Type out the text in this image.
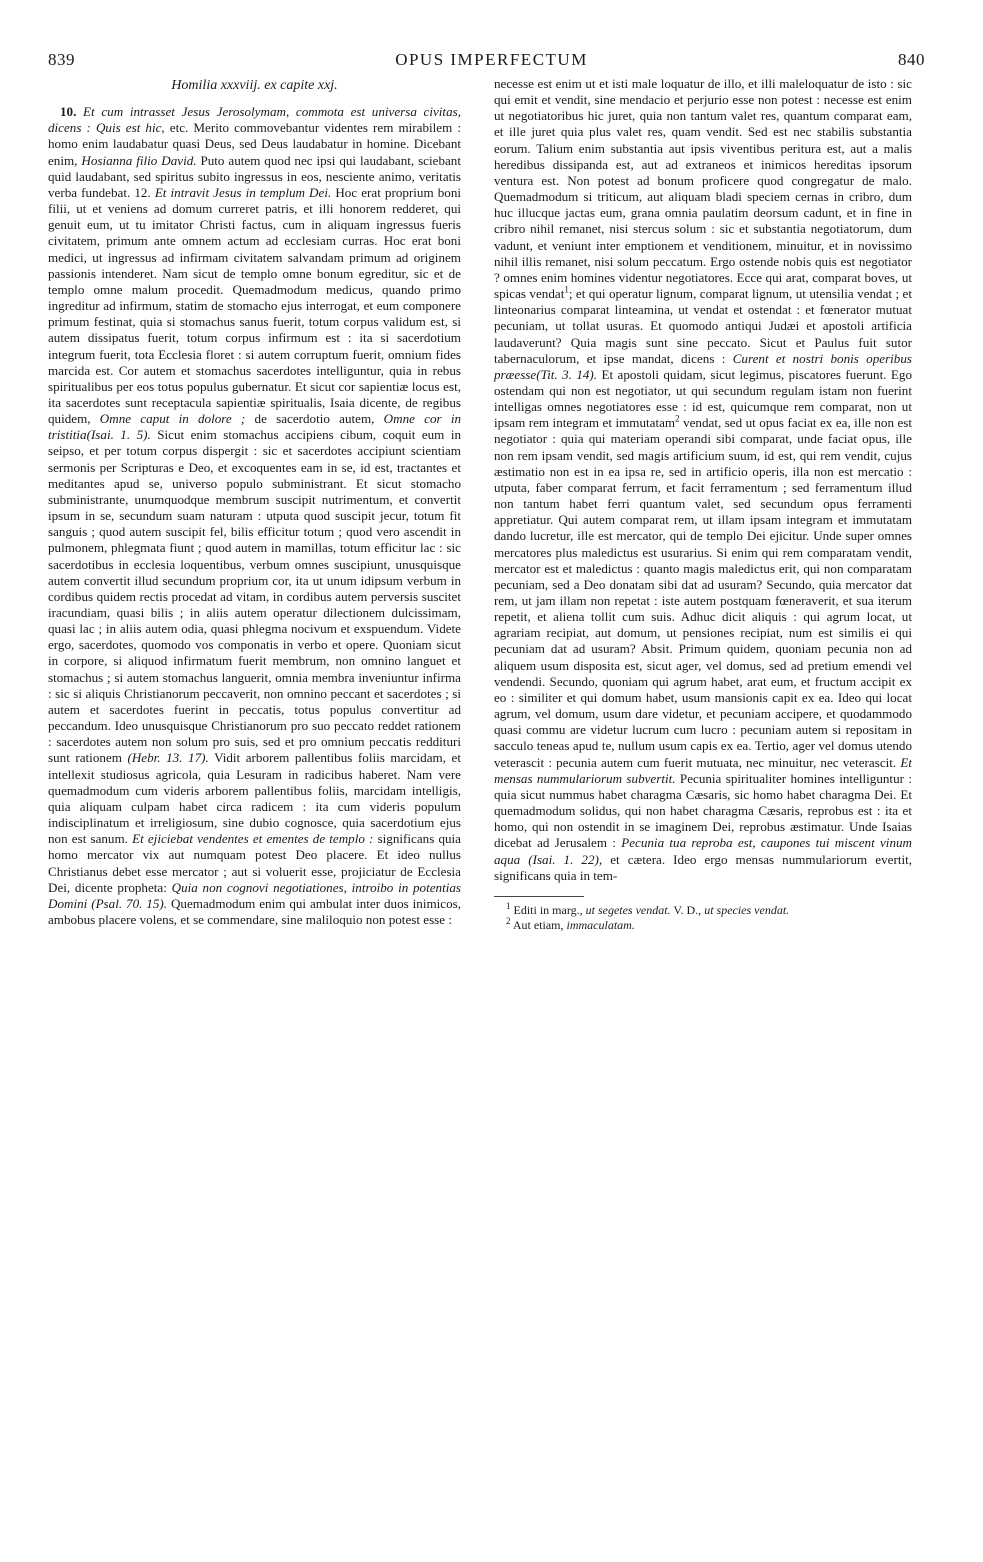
839	OPUS IMPERFECTUM	840
Homilia xxxviij. ex capite xxj.

10. Et cum intrasset Jesus Jerosolymam, commota est universa civitas, dicens : Quis est hic, etc. Merito commovebantur videntes rem mirabilem : homo enim laudabatur quasi Deus, sed Deus laudabatur in homine. Dicebant enim, Hosianna filio David. Puto autem quod nec ipsi qui laudabant, sciebant quid laudabant, sed spiritus subito ingressus in eos, nesciente animo, veritatis verba fundebat. 12. Et intravit Jesus in templum Dei. Hoc erat proprium boni filii, ut et veniens ad domum curreret patris, et illi honorem redderet, qui genuit eum, ut tu imitator Christi factus, cum in aliquam ingressus fueris civitatem, primum ante omnem actum ad ecclesiam curras. Hoc erat boni medici, ut ingressus ad infirmam civitatem salvandam primum ad originem passionis intenderet. Nam sicut de templo omne bonum egreditur, sic et de templo omne malum procedit. Quemadmodum medicus, quando primo ingreditur ad infirmum, statim de stomacho ejus interrogat, et eum componere primum festinat, quia si stomachus sanus fuerit, totum corpus validum est, si autem dissipatus fuerit, totum corpus infirmum est : ita si sacerdotium integrum fuerit, tota Ecclesia floret : si autem corruptum fuerit, omnium fides marcida est. Cor autem et stomachus sacerdotes intelliguntur, quia in rebus spiritualibus per eos totus populus gubernatur. Et sicut cor sapientiæ locus est, ita sacerdotes sunt receptacula sapientiæ spiritualis, Isaia dicente, de regibus quidem, Omne caput in dolore ; de sacerdotio autem, Omne cor in tristitia(Isai. 1. 5). Sicut enim stomachus accipiens cibum, coquit eum in seipso, et per totum corpus dispergit : sic et sacerdotes accipiunt scientiam sermonis per Scripturas e Deo, et excoquentes eam in se, id est, tractantes et meditantes apud se, universo populo subministrant. Et sicut stomacho subministrante, unumquodque membrum suscipit nutrimentum, et convertit ipsum in se, secundum suam naturam : utputa quod suscipit jecur, totum fit sanguis ; quod autem suscipit fel, bilis efficitur totum ; quod vero ascendit in pulmonem, phlegmata fiunt ; quod autem in mamillas, totum efficitur lac : sic sacerdotibus in ecclesia loquentibus, verbum omnes suscipiunt, unusquisque autem convertit illud secundum proprium cor, ita ut unum idipsum verbum in cordibus quidem rectis procedat ad vitam, in cordibus autem perversis suscitet iracundiam, quasi bilis ; in aliis autem operatur dilectionem dulcissimam, quasi lac ; in aliis autem odia, quasi phlegma nocivum et exspuendum. Videte ergo, sacerdotes, quomodo vos componatis in verbo et opere. Quoniam sicut in corpore, si aliquod infirmatum fuerit membrum, non omnino languet et stomachus ; si autem stomachus languerit, omnia membra inveniuntur infirma : sic si aliquis Christianorum peccaverit, non omnino peccant et sacerdotes ; si autem et sacerdotes fuerint in peccatis, totus populus convertitur ad peccandum. Ideo unusquisque Christianorum pro suo peccato reddet rationem : sacerdotes autem non solum pro suis, sed et pro omnium peccatis reddituri sunt rationem (Hebr. 13. 17). Vidit arborem pallentibus foliis marcidam, et intellexit studiosus agricola, quia Lesuram in radicibus haberet. Nam vere quemadmodum cum videris arborem pallentibus foliis, marcidam intelligis, quia aliquam culpam habet circa radicem : ita cum videris populum indisciplinatum et irreligiosum, sine dubio cognosce, quia sacerdotium ejus non est sanum. Et ejiciebat vendentes et ementes de templo : significans quia homo mercator vix aut numquam potest Deo placere. Et ideo nullus Christianus debet esse mercator ; aut si voluerit esse, projiciatur de Ecclesia Dei, dicente propheta: Quia non cognovi negotiationes, introibo in potentias Domini (Psal. 70. 15). Quemadmodum enim qui ambulat inter duos inimicos, ambobus placere volens, et se commendare, sine maliloquio non potest esse :

necesse est enim ut et isti male loquatur de illo, et illi maleloquatur de isto : sic qui emit et vendit, sine mendacio et perjurio esse non potest : necesse est enim ut negotiatoribus hic juret, quia non tantum valet res, quantum comparat eam, et ille juret quia plus valet res, quam vendit. Sed est nec stabilis substantia eorum. Talium enim substantia aut ipsis viventibus peritura est, aut a malis heredibus dissipanda est, aut ad extraneos et inimicos hereditas ipsorum ventura est. Non potest ad bonum proficere quod congregatur de malo. Quemadmodum si triticum, aut aliquam bladi speciem cernas in cribro, dum huc illucque jactas eum, grana omnia paulatim deorsum cadunt, et in fine in cribro nihil remanet, nisi stercus solum : sic et substantia negotiatorum, dum vadunt, et veniunt inter emptionem et venditionem, minuitur, et in novissimo nihil illis remanet, nisi solum peccatum. Ergo ostende nobis quis est negotiator ? omnes enim homines videntur negotiatores. Ecce qui arat, comparat boves, ut spicas vendat$^1$; et qui operatur lignum, comparat lignum, ut utensilia vendat ; et linteonarius comparat linteamina, ut vendat et ostendat : et fœnerator mutuat pecuniam, ut tollat usuras. Et quomodo antiqui Judæi et apostoli artificia laudaverunt? Quia magis sunt sine peccato. Sicut et Paulus fuit sutor tabernaculorum, et ipse mandat, dicens : Curent et nostri bonis operibus præesse(Tit. 3. 14). Et apostoli quidam, sicut legimus, piscatores fuerunt. Ego ostendam qui non est negotiator, ut qui secundum regulam istam non fuerint intelligas omnes negotiatores esse : id est, quicumque rem comparat, non ut ipsam rem integram et immutatam$^2$ vendat, sed ut opus faciat ex ea, ille non est negotiator : quia qui materiam operandi sibi comparat, unde faciat opus, ille non rem ipsam vendit, sed magis artificium suum, id est, qui rem vendit, cujus æstimatio non est in ea ipsa re, sed in artificio operis, illa non est mercatio : utputa, faber comparat ferrum, et facit ferramentum ; sed ferramentum illud non tantum habet ferri quantum valet, sed secundum opus ferramenti appretiatur. Qui autem comparat rem, ut illam ipsam integram et immutatam dando lucretur, ille est mercator, qui de templo Dei ejicitur. Unde super omnes mercatores plus maledictus est usurarius. Si enim qui rem comparatam vendit, mercator est et maledictus : quanto magis maledictus erit, qui non comparatam pecuniam, sed a Deo donatam sibi dat ad usuram? Secundo, quia mercator dat rem, ut jam illam non repetat : iste autem postquam fœneraverit, et sua iterum repetit, et aliena tollit cum suis. Adhuc dicit aliquis : qui agrum locat, ut agrariam recipiat, aut domum, ut pensiones recipiat, num est similis ei qui pecuniam dat ad usuram? Absit. Primum quidem, quoniam pecunia non ad aliquem usum disposita est, sicut ager, vel domus, sed ad pretium emendi vel vendendi. Secundo, quoniam qui agrum habet, arat eum, et fructum accipit ex eo : similiter et qui domum habet, usum mansionis capit ex ea. Ideo qui locat agrum, vel domum, usum dare videtur, et pecuniam accipere, et quodammodo quasi commu are videtur lucrum cum lucro : pecuniam autem si repositam in sacculo teneas apud te, nullum usum capis ex ea. Tertio, ager vel domus utendo veterascit : pecunia autem cum fuerit mutuata, nec minuitur, nec veterascit. Et mensas nummulariorum subvertit. Pecunia spiritualiter homines intelliguntur : quia sicut nummus habet charagma Cæsaris, sic homo habet charagma Dei. Et quemadmodum solidus, qui non habet charagma Cæsaris, reprobus est : ita et homo, qui non ostendit in se imaginem Dei, reprobus æstimatur. Unde Isaias dicebat ad Jerusalem : Pecunia tua reproba est, caupones tui miscent vinum aqua (Isai. 1. 22), et cætera. Ideo ergo mensas nummulariorum evertit, significans quia in tem-

$^1$ Editi in marg., ut segetes vendat. V. D., ut species vendat.

$^2$ Aut etiam, immaculatam.
